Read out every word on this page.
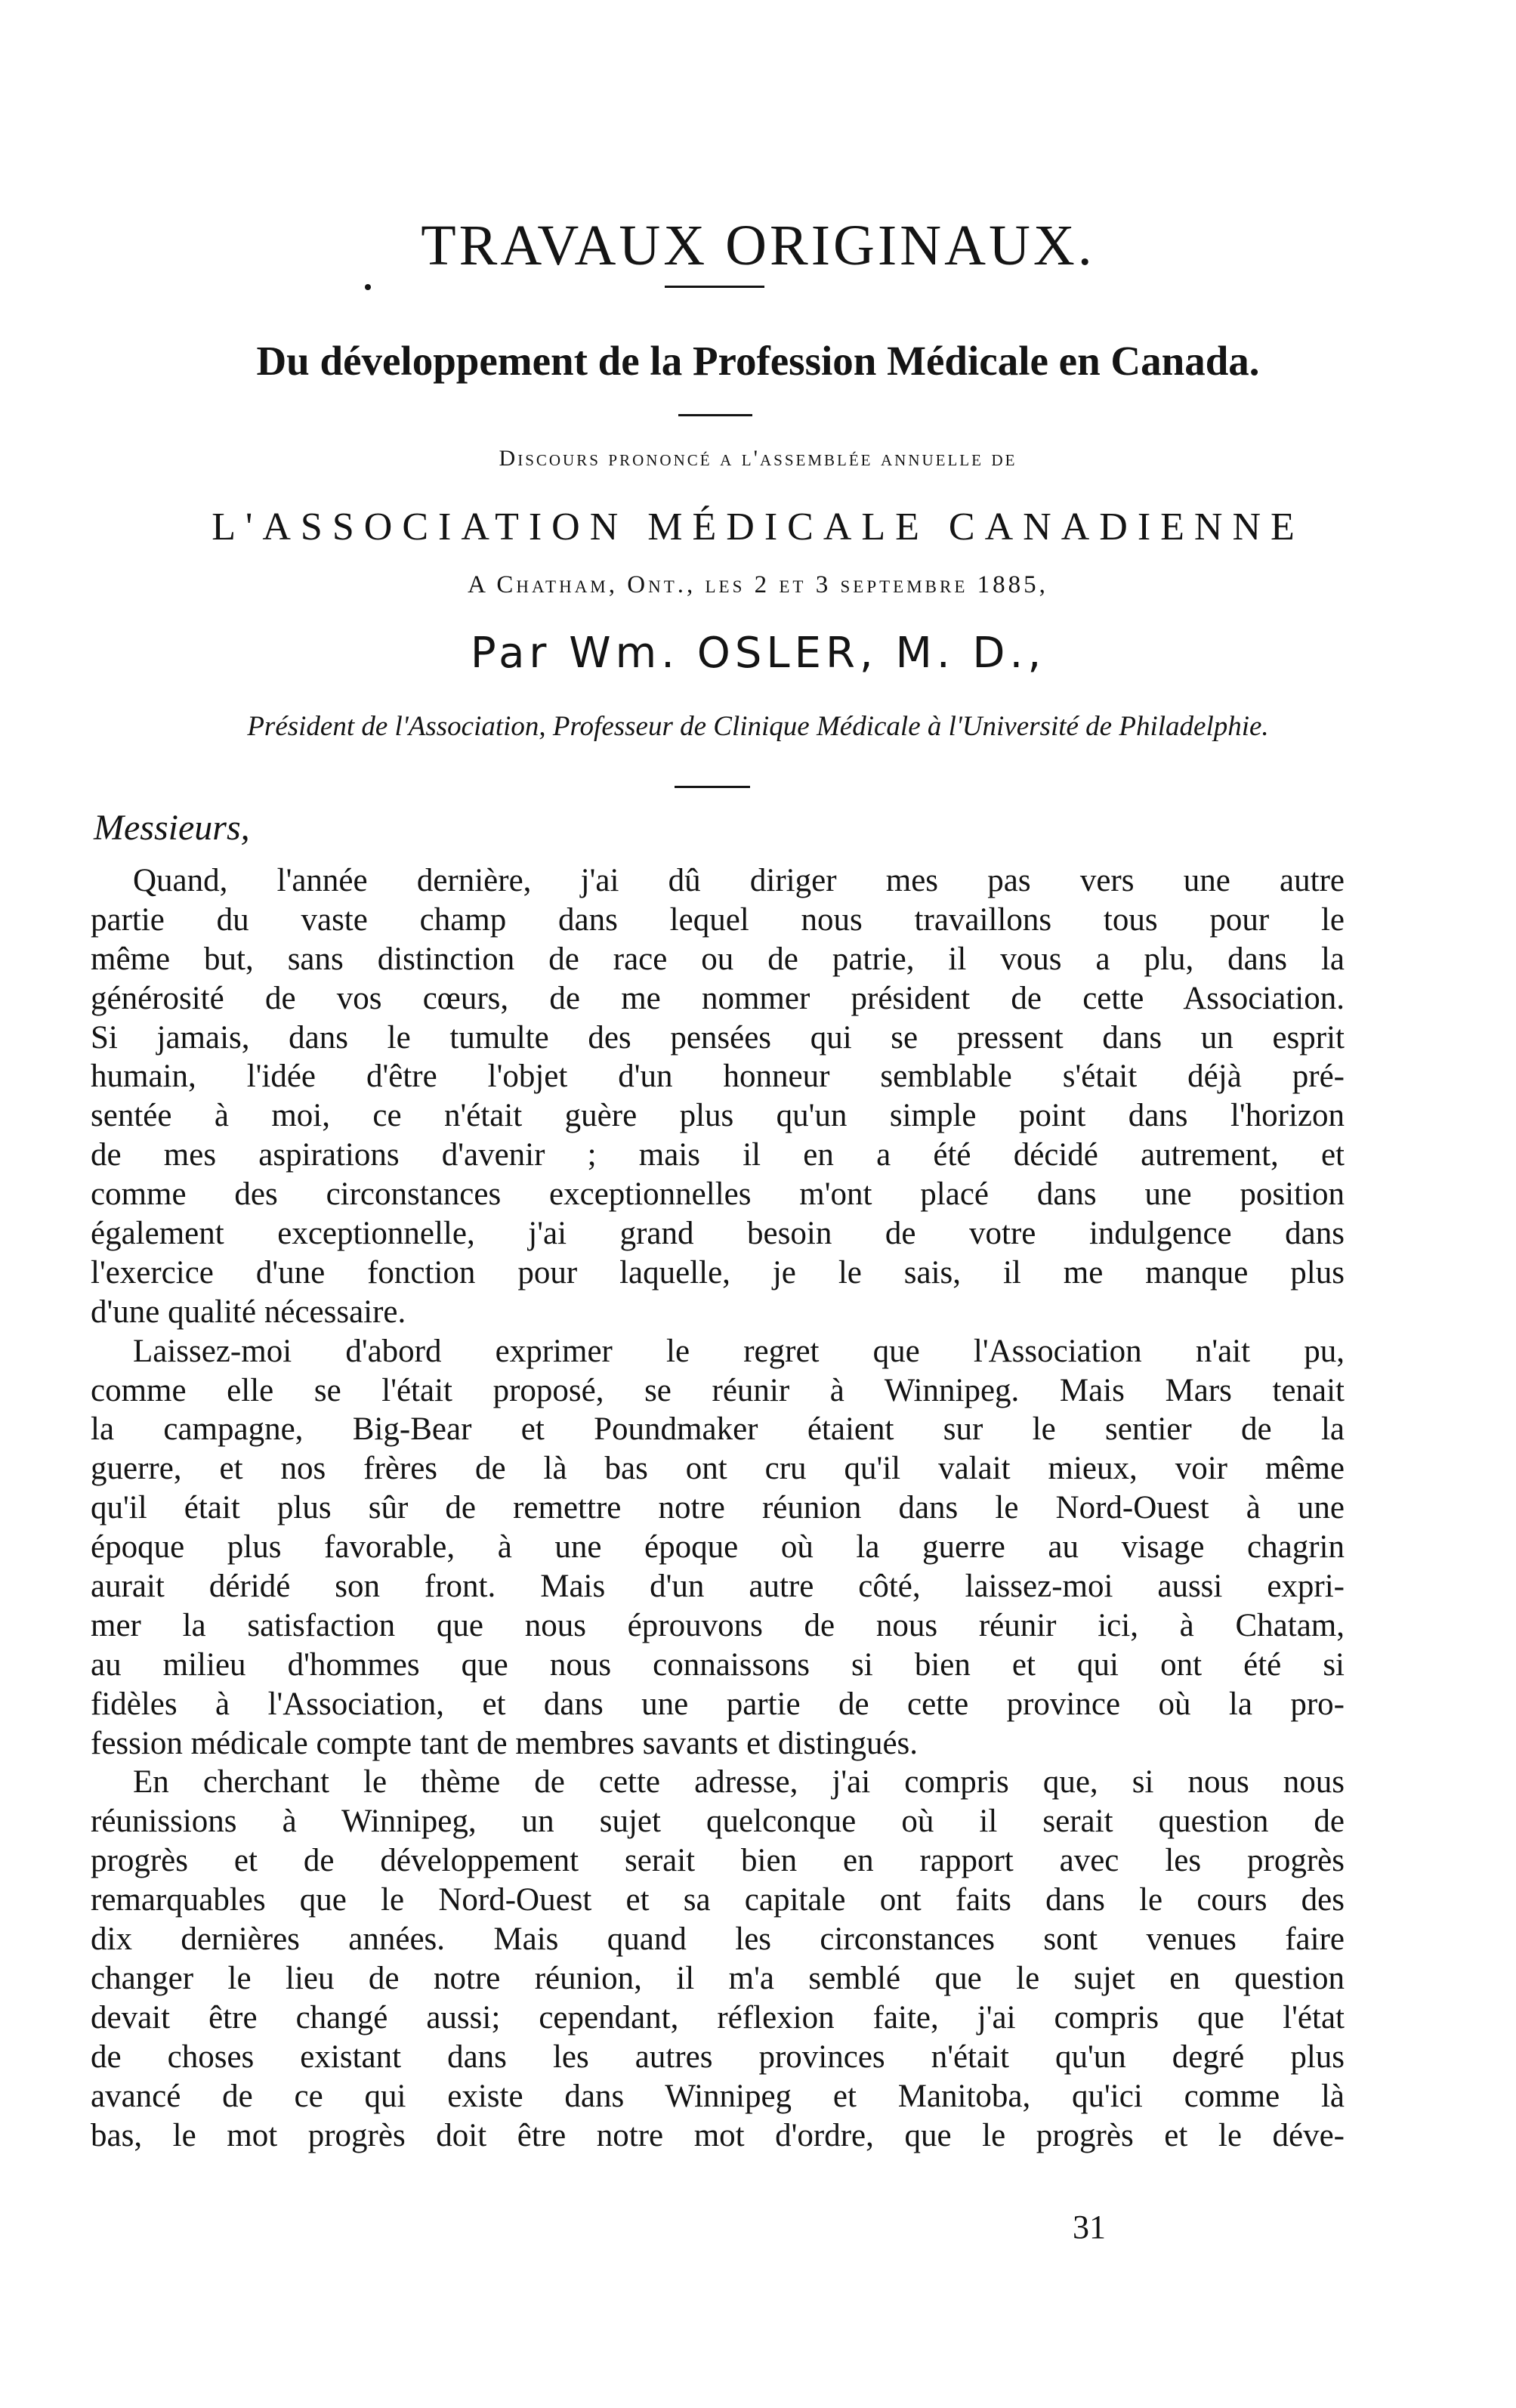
TRAVAUX ORIGINAUX.
Du développement de la Profession Médicale en Canada.
Discours prononcé a l'assemblée annuelle de
L'ASSOCIATION MÉDICALE CANADIENNE
A Chatham, Ont., les 2 et 3 septembre 1885,
Par Wm. OSLER, M. D.,
Président de l'Association, Professeur de Clinique Médicale à l'Université de Philadelphie.
Messieurs,
Quand, l'année dernière, j'ai dû diriger mes pas vers une autre
partie du vaste champ dans lequel nous travaillons tous pour le
même but, sans distinction de race ou de patrie, il vous a plu, dans la
générosité de vos cœurs, de me nommer président de cette Association.
Si jamais, dans le tumulte des pensées qui se pressent dans un esprit
humain, l'idée d'être l'objet d'un honneur semblable s'était déjà pré-
sentée à moi, ce n'était guère plus qu'un simple point dans l'horizon
de mes aspirations d'avenir ; mais il en a été décidé autrement, et
comme des circonstances exceptionnelles m'ont placé dans une position
également exceptionnelle, j'ai grand besoin de votre indulgence dans
l'exercice d'une fonction pour laquelle, je le sais, il me manque plus
d'une qualité nécessaire.
Laissez-moi d'abord exprimer le regret que l'Association n'ait pu,
comme elle se l'était proposé, se réunir à Winnipeg. Mais Mars tenait
la campagne, Big-Bear et Poundmaker étaient sur le sentier de la
guerre, et nos frères de là bas ont cru qu'il valait mieux, voir même
qu'il était plus sûr de remettre notre réunion dans le Nord-Ouest à une
époque plus favorable, à une époque où la guerre au visage chagrin
aurait déridé son front. Mais d'un autre côté, laissez-moi aussi expri-
mer la satisfaction que nous éprouvons de nous réunir ici, à Chatam,
au milieu d'hommes que nous connaissons si bien et qui ont été si
fidèles à l'Association, et dans une partie de cette province où la pro-
fession médicale compte tant de membres savants et distingués.
En cherchant le thème de cette adresse, j'ai compris que, si nous nous
réunissions à Winnipeg, un sujet quelconque où il serait question de
progrès et de développement serait bien en rapport avec les progrès
remarquables que le Nord-Ouest et sa capitale ont faits dans le cours des
dix dernières années. Mais quand les circonstances sont venues faire
changer le lieu de notre réunion, il m'a semblé que le sujet en question
devait être changé aussi; cependant, réflexion faite, j'ai compris que l'état
de choses existant dans les autres provinces n'était qu'un degré plus
avancé de ce qui existe dans Winnipeg et Manitoba, qu'ici comme là
bas, le mot progrès doit être notre mot d'ordre, que le progrès et le déve-
31
